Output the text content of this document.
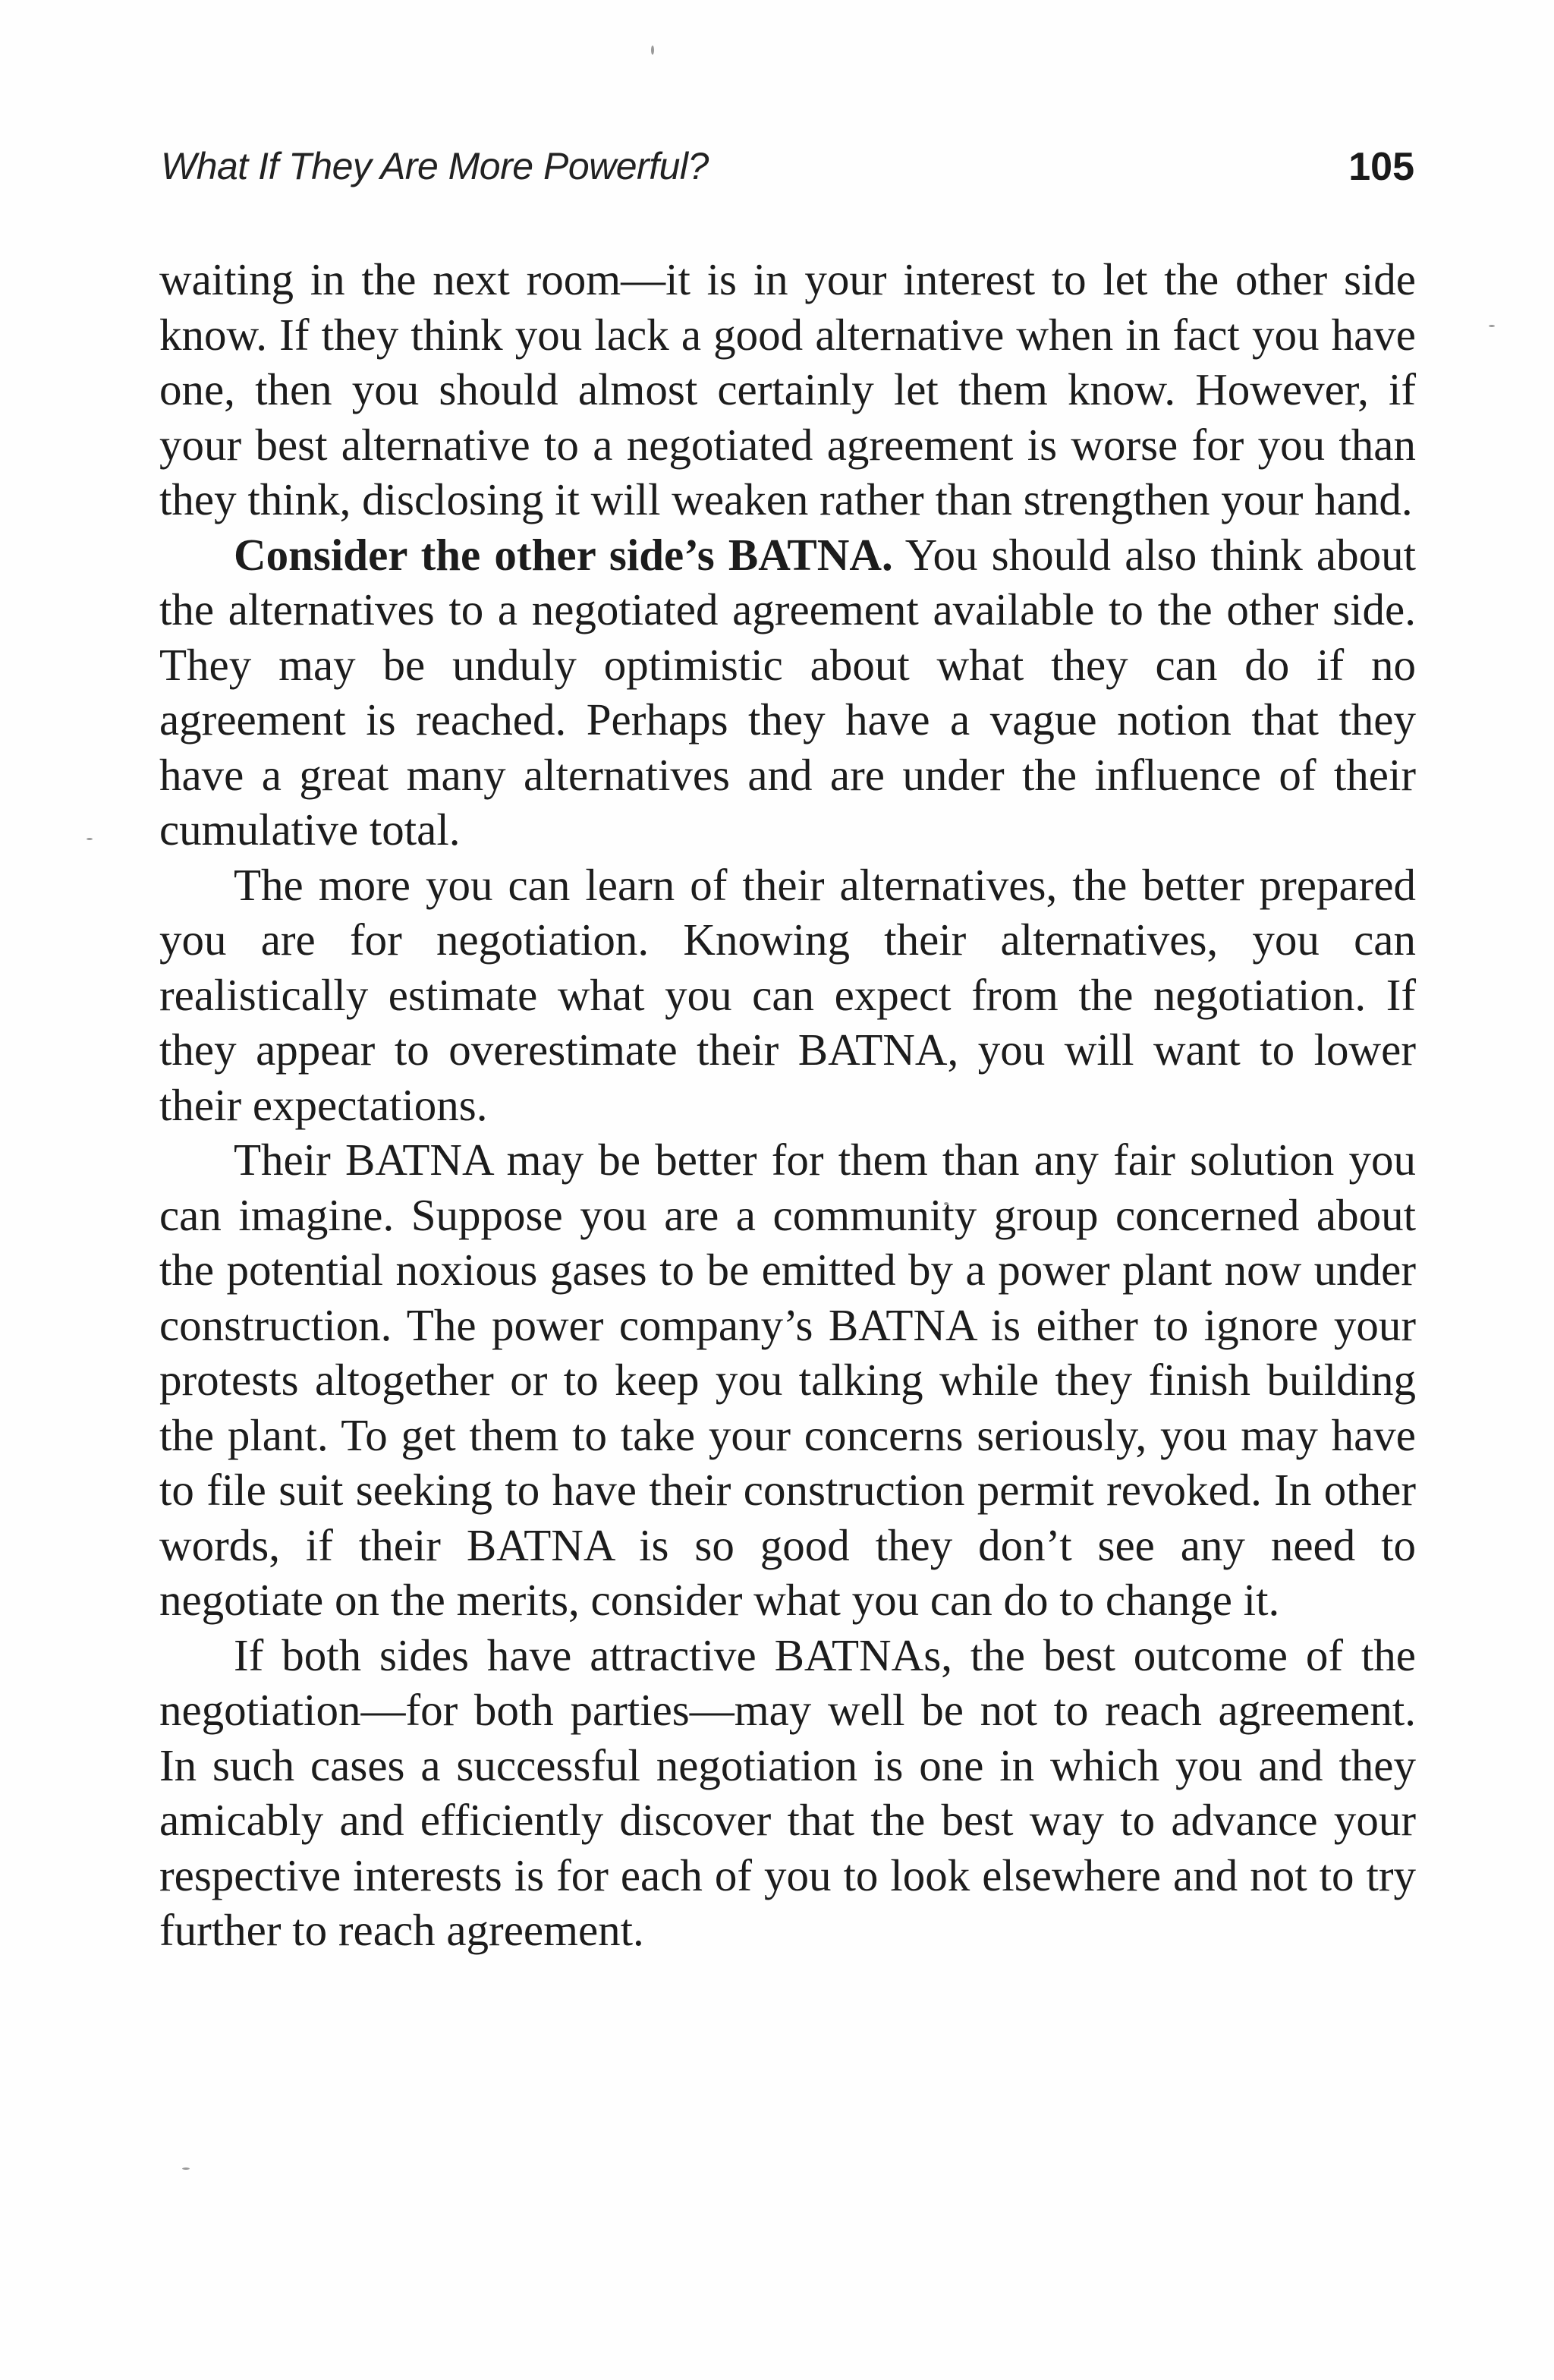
What If They Are More Powerful?	105

waiting in the next room—it is in your interest to let the other side know. If they think you lack a good alternative when in fact you have one, then you should almost certainly let them know. However, if your best alternative to a negotiated agreement is worse for you than they think, disclosing it will weaken rather than strengthen your hand.

Consider the other side’s BATNA. You should also think about the alternatives to a negotiated agreement available to the other side. They may be unduly optimistic about what they can do if no agreement is reached. Perhaps they have a vague notion that they have a great many alternatives and are under the influence of their cumulative total.

The more you can learn of their alternatives, the better prepared you are for negotiation. Knowing their alternatives, you can realistically estimate what you can expect from the negotiation. If they appear to overestimate their BATNA, you will want to lower their expectations.

Their BATNA may be better for them than any fair solution you can imagine. Suppose you are a community group concerned about the potential noxious gases to be emitted by a power plant now under construction. The power company’s BATNA is either to ignore your protests altogether or to keep you talking while they finish building the plant. To get them to take your concerns seriously, you may have to file suit seeking to have their construction permit revoked. In other words, if their BATNA is so good they don’t see any need to negotiate on the merits, consider what you can do to change it.

If both sides have attractive BATNAs, the best outcome of the negotiation—for both parties—may well be not to reach agreement. In such cases a successful negotiation is one in which you and they amicably and efficiently discover that the best way to advance your respective interests is for each of you to look elsewhere and not to try further to reach agreement.
